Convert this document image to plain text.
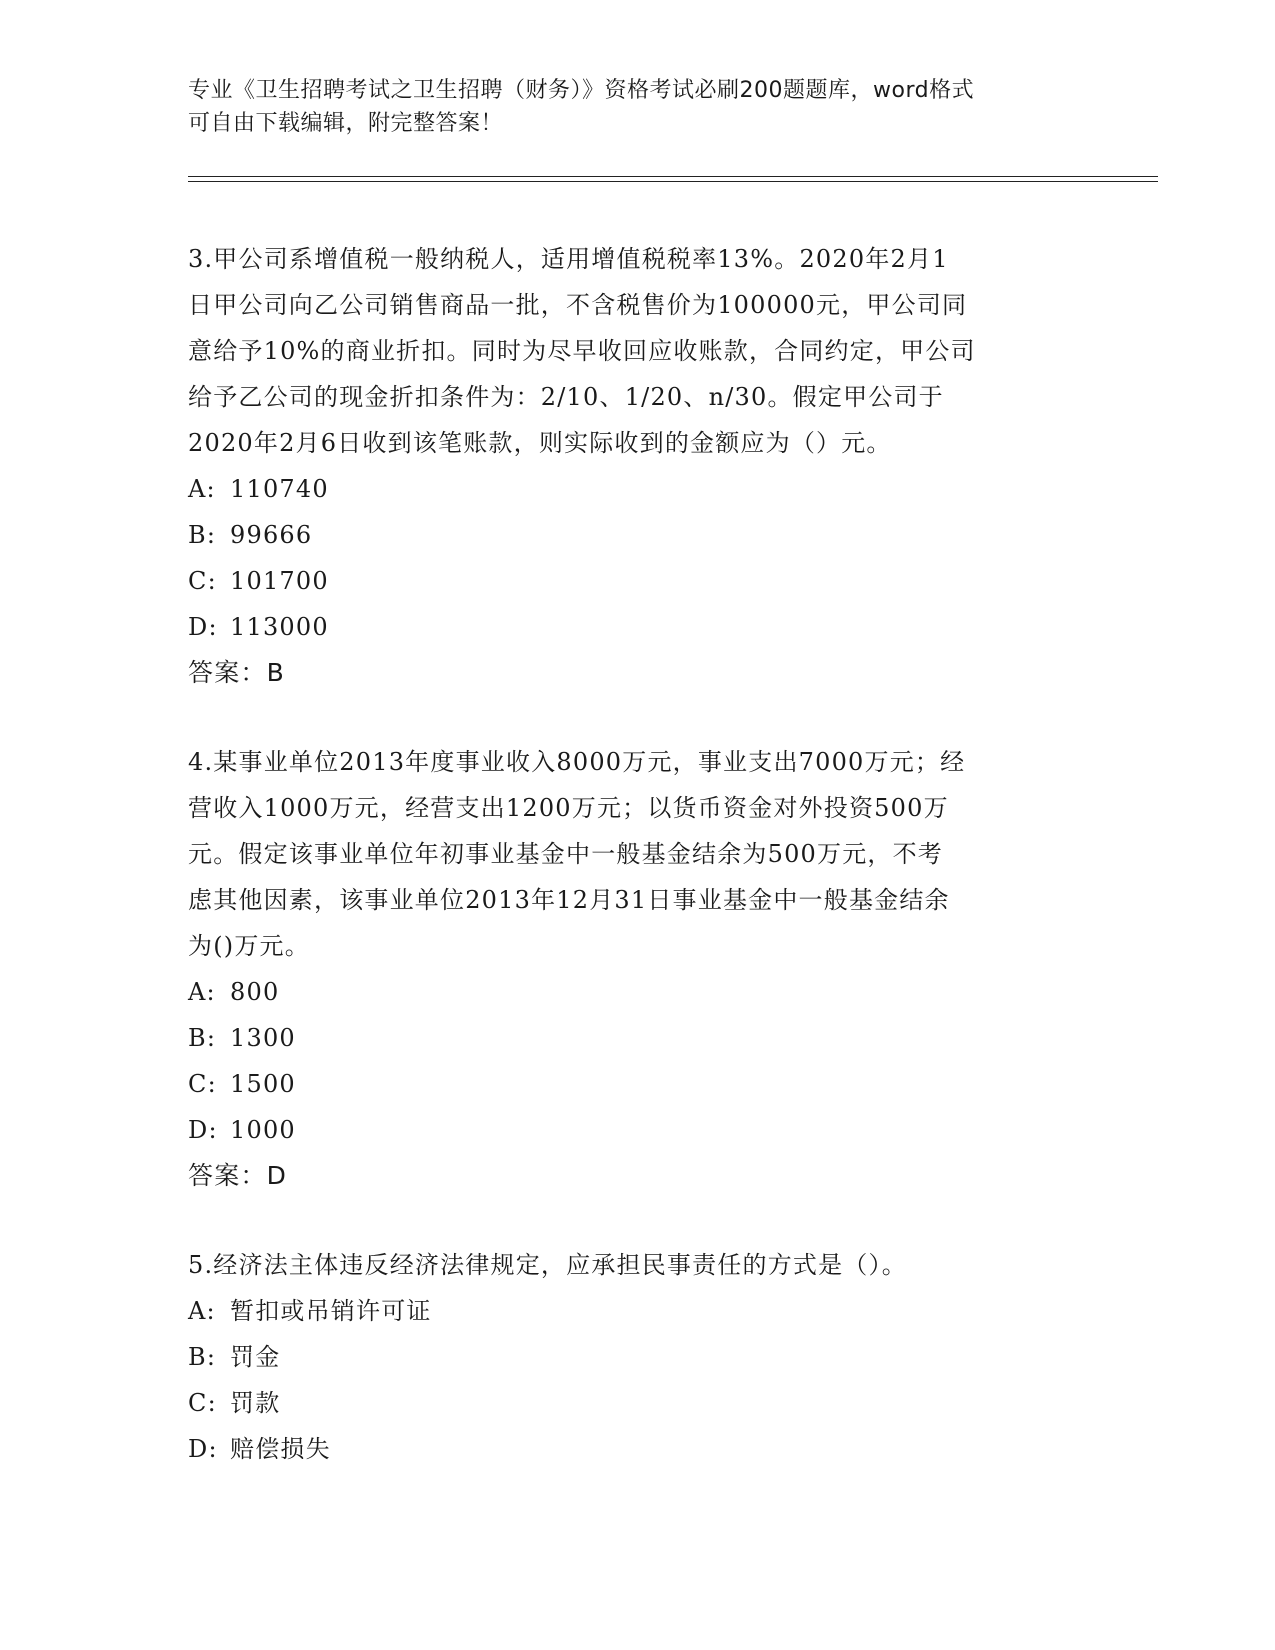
专业《卫生招聘考试之卫生招聘（财务）》资格考试必刷200题题库，word格式
可自由下载编辑，附完整答案！
3.甲公司系增值税一般纳税人，适用增值税税率13%。2020年2月1
日甲公司向乙公司销售商品一批，不含税售价为100000元，甲公司同
意给予10%的商业折扣。同时为尽早收回应收账款，合同约定，甲公司
给予乙公司的现金折扣条件为：2/10、1/20、n/30。假定甲公司于
2020年2月6日收到该笔账款，则实际收到的金额应为（）元。
A: 110740
B: 99666
C: 101700
D: 113000
答案：B
4.某事业单位2013年度事业收入8000万元，事业支出7000万元；经
营收入1000万元，经营支出1200万元；以货币资金对外投资500万
元。假定该事业单位年初事业基金中一般基金结余为500万元，不考
虑其他因素，该事业单位2013年12月31日事业基金中一般基金结余
为()万元。
A: 800
B: 1300
C: 1500
D: 1000
答案：D
5.经济法主体违反经济法律规定，应承担民事责任的方式是（）。
A: 暂扣或吊销许可证
B: 罚金
C: 罚款
D: 赔偿损失
